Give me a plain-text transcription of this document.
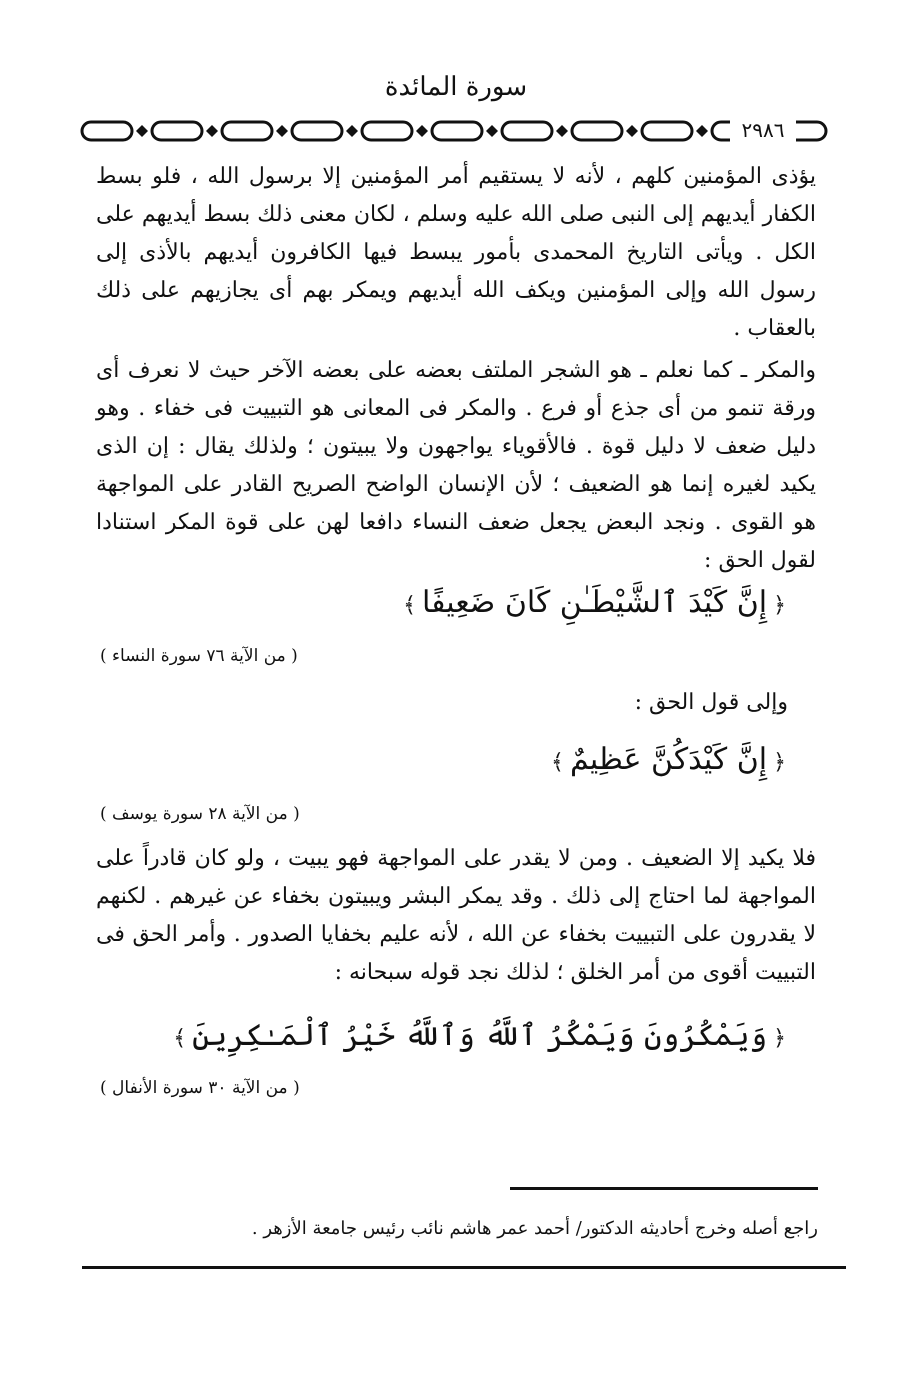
سورة المائدة
٢٩٨٦

يؤذى المؤمنين كلهم ، لأنه لا يستقيم أمر المؤمنين إلا برسول الله ، فلو بسط الكفار أيديهم إلى النبى صلى الله عليه وسلم ، لكان معنى ذلك بسط أيديهم على الكل . ويأتى التاريخ المحمدى بأمور يبسط فيها الكافرون أيديهم بالأذى إلى رسول الله وإلى المؤمنين ويكف الله أيديهم ويمكر بهم أى يجازيهم على ذلك بالعقاب .

والمكر ـ كما نعلم ـ هو الشجر الملتف بعضه على بعضه الآخر حيث لا نعرف أى ورقة تنمو من أى جذع أو فرع . والمكر فى المعانى هو التبييت فى خفاء . وهو دليل ضعف لا دليل قوة . فالأقوياء يواجهون ولا يبيتون ؛ ولذلك يقال : إن الذى يكيد لغيره إنما هو الضعيف ؛ لأن الإنسان الواضح الصريح القادر على المواجهة هو القوى . ونجد البعض يجعل ضعف النساء دافعا لهن على قوة المكر استنادا لقول الحق :

﴿إِنَّ كَيْدَ ٱلشَّيْطَـٰنِ كَانَ ضَعِيفًا﴾
( من الآية ٧٦ سورة النساء )
وإلى قول الحق :
﴿إِنَّ كَيْدَكُنَّ عَظِيمٌ﴾
( من الآية ٢٨ سورة يوسف )

فلا يكيد إلا الضعيف . ومن لا يقدر على المواجهة فهو يبيت ، ولو كان قادراً على المواجهة لما احتاج إلى ذلك . وقد يمكر البشر ويبيتون بخفاء عن غيرهم . لكنهم لا يقدرون على التبييت بخفاء عن الله ، لأنه عليم بخفايا الصدور . وأمر الحق فى التبييت أقوى من أمر الخلق ؛ لذلك نجد قوله سبحانه :

﴿وَيَمْكُرُونَ وَيَمْكُرُ ٱللَّهُ وَٱللَّهُ خَيْرُ ٱلْمَـٰكِرِينَ﴾
( من الآية ٣٠ سورة الأنفال )
راجع أصله وخرج أحاديثه الدكتور/ أحمد عمر هاشم نائب رئيس جامعة الأزهر .
